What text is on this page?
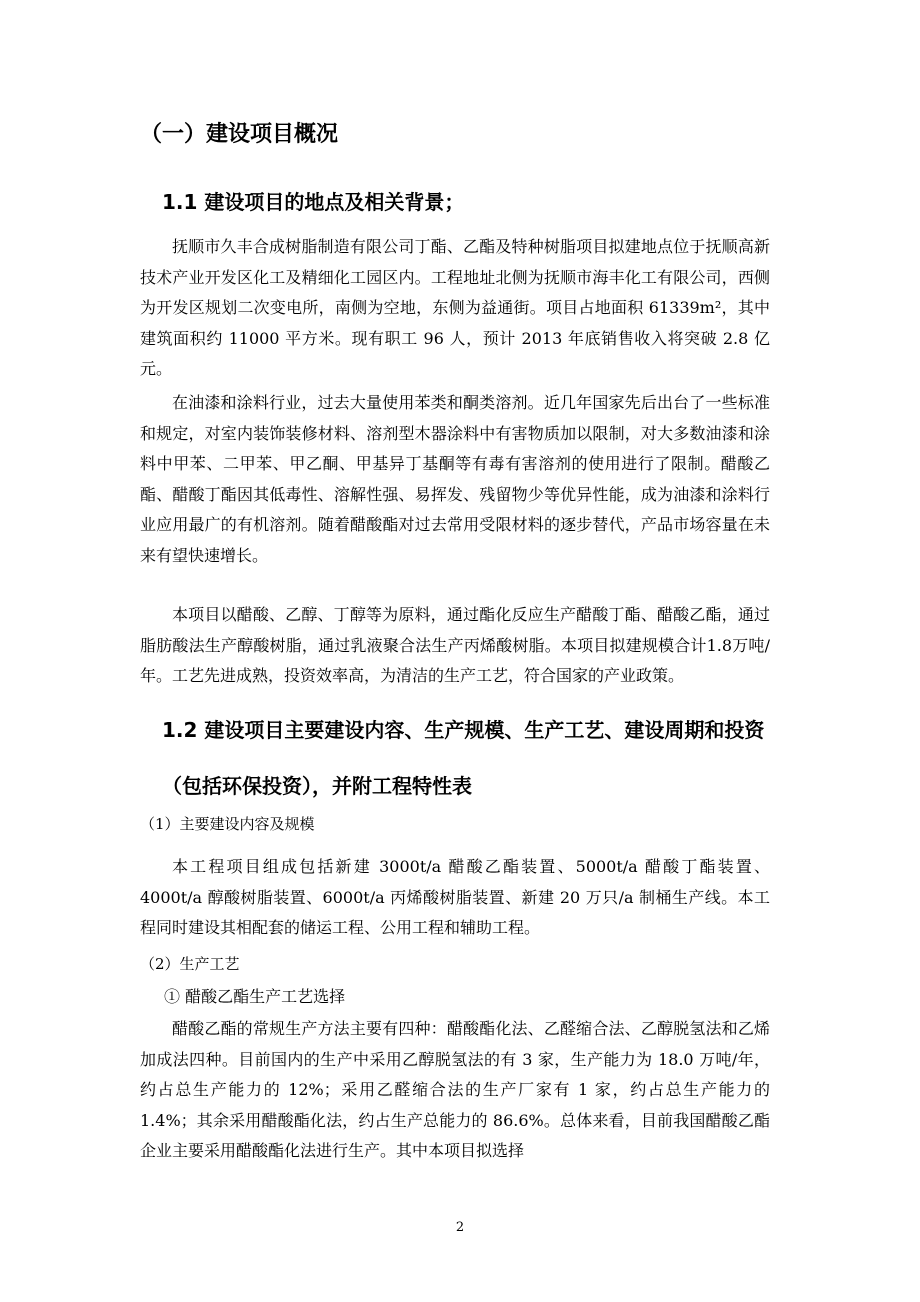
（一）建设项目概况
1.1 建设项目的地点及相关背景；
抚顺市久丰合成树脂制造有限公司丁酯、乙酯及特种树脂项目拟建地点位于抚顺高新技术产业开发区化工及精细化工园区内。工程地址北侧为抚顺市海丰化工有限公司，西侧为开发区规划二次变电所，南侧为空地，东侧为益通街。项目占地面积 61339m²，其中建筑面积约 11000 平方米。现有职工 96 人，预计 2013 年底销售收入将突破 2.8 亿元。
在油漆和涂料行业，过去大量使用苯类和酮类溶剂。近几年国家先后出台了一些标准和规定，对室内装饰装修材料、溶剂型木器涂料中有害物质加以限制，对大多数油漆和涂料中甲苯、二甲苯、甲乙酮、甲基异丁基酮等有毒有害溶剂的使用进行了限制。醋酸乙酯、醋酸丁酯因其低毒性、溶解性强、易挥发、残留物少等优异性能，成为油漆和涂料行业应用最广的有机溶剂。随着醋酸酯对过去常用受限材料的逐步替代，产品市场容量在未来有望快速增长。
本项目以醋酸、乙醇、丁醇等为原料，通过酯化反应生产醋酸丁酯、醋酸乙酯，通过脂肪酸法生产醇酸树脂，通过乳液聚合法生产丙烯酸树脂。本项目拟建规模合计1.8万吨/年。工艺先进成熟，投资效率高，为清洁的生产工艺，符合国家的产业政策。
1.2 建设项目主要建设内容、生产规模、生产工艺、建设周期和投资（包括环保投资），并附工程特性表
（1）主要建设内容及规模
本工程项目组成包括新建 3000t/a 醋酸乙酯装置、5000t/a 醋酸丁酯装置、4000t/a 醇酸树脂装置、6000t/a 丙烯酸树脂装置、新建 20 万只/a 制桶生产线。本工程同时建设其相配套的储运工程、公用工程和辅助工程。
（2）生产工艺
① 醋酸乙酯生产工艺选择
醋酸乙酯的常规生产方法主要有四种：醋酸酯化法、乙醛缩合法、乙醇脱氢法和乙烯加成法四种。目前国内的生产中采用乙醇脱氢法的有 3 家，生产能力为 18.0 万吨/年，约占总生产能力的 12%；采用乙醛缩合法的生产厂家有 1 家，约占总生产能力的 1.4%；其余采用醋酸酯化法，约占生产总能力的 86.6%。总体来看，目前我国醋酸乙酯企业主要采用醋酸酯化法进行生产。其中本项目拟选择
2
